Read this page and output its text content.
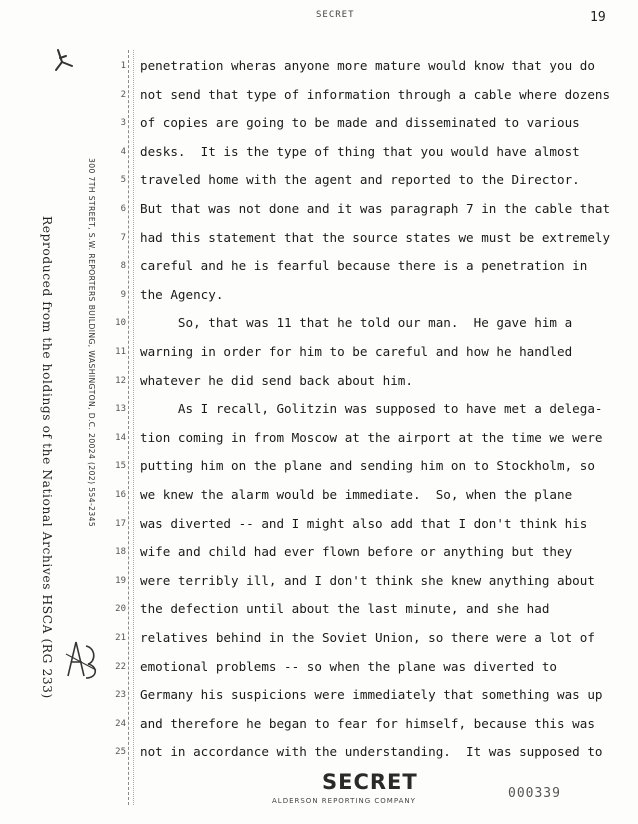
SECRET	19
Reproduced from the holdings of the National Archives HSCA (RG 233)	300 7TH STREET, S.W. REPORTERS BUILDING, WASHINGTON, D.C. 20024 (202) 554-2345
1 penetration wheras anyone more mature would know that you do
2 not send that type of information through a cable where dozens
3 of copies are going to be made and disseminated to various
4 desks.  It is the type of thing that you would have almost
5 traveled home with the agent and reported to the Director.
6 But that was not done and it was paragraph 7 in the cable that
7 had this statement that the source states we must be extremely
8 careful and he is fearful because there is a penetration in
9 the Agency.
10 So, that was 11 that he told our man.  He gave him a
11 warning in order for him to be careful and how he handled
12 whatever he did send back about him.
13 As I recall, Golitzin was supposed to have met a delega-
14 tion coming in from Moscow at the airport at the time we were
15 putting him on the plane and sending him on to Stockholm, so
16 we knew the alarm would be immediate.  So, when the plane
17 was diverted -- and I might also add that I don't think his
18 wife and child had ever flown before or anything but they
19 were terribly ill, and I don't think she knew anything about
20 the defection until about the last minute, and she had
21 relatives behind in the Soviet Union, so there were a lot of
22 emotional problems -- so when the plane was diverted to
23 Germany his suspicions were immediately that something was up
24 and therefore he began to fear for himself, because this was
25 not in accordance with the understanding.  It was supposed to
SECRET
ALDERSON REPORTING COMPANY	000339
